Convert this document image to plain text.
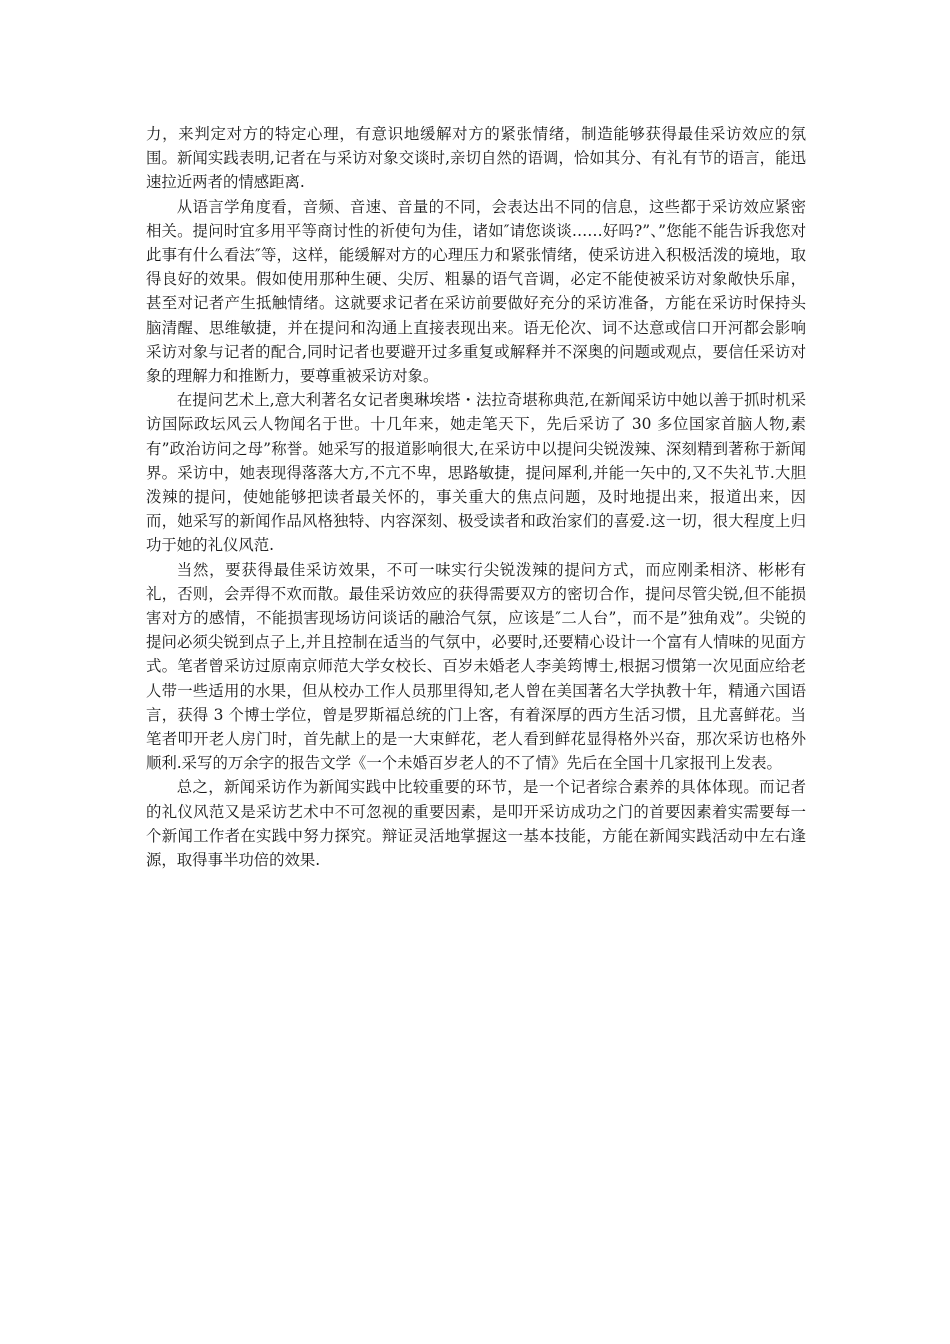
力，来判定对方的特定心理，有意识地缓解对方的紧张情绪，制造能够获得最佳采访效应的氛围。新闻实践表明,记者在与采访对象交谈时,亲切自然的语调，恰如其分、有礼有节的语言，能迅速拉近两者的情感距离.

从语言学角度看，音频、音速、音量的不同，会表达出不同的信息，这些都于采访效应紧密相关。提问时宜多用平等商讨性的祈使句为佳，诸如″请您谈谈……好吗?”、”您能不能告诉我您对此事有什么看法″等，这样，能缓解对方的心理压力和紧张情绪，使采访进入积极活泼的境地，取得良好的效果。假如使用那种生硬、尖厉、粗暴的语气音调，必定不能使被采访对象敞快乐扉，甚至对记者产生抵触情绪。这就要求记者在采访前要做好充分的采访准备，方能在采访时保持头脑清醒、思维敏捷，并在提问和沟通上直接表现出来。语无伦次、词不达意或信口开河都会影响采访对象与记者的配合,同时记者也要避开过多重复或解释并不深奥的问题或观点，要信任采访对象的理解力和推断力，要尊重被采访对象。

在提问艺术上,意大利著名女记者奥琳埃塔・法拉奇堪称典范,在新闻采访中她以善于抓时机采访国际政坛风云人物闻名于世。十几年来，她走笔天下，先后采访了 30 多位国家首脑人物,素有”政治访问之母”称誉。她采写的报道影响很大,在采访中以提问尖锐泼辣、深刻精到著称于新闻界。采访中，她表现得落落大方,不亢不卑，思路敏捷，提问犀利,并能一矢中的,又不失礼节.大胆泼辣的提问，使她能够把读者最关怀的，事关重大的焦点问题，及时地提出来，报道出来，因而，她采写的新闻作品风格独特、内容深刻、极受读者和政治家们的喜爱.这一切，很大程度上归功于她的礼仪风范.

当然，要获得最佳采访效果，不可一味实行尖锐泼辣的提问方式，而应刚柔相济、彬彬有礼，否则，会弄得不欢而散。最佳采访效应的获得需要双方的密切合作，提问尽管尖锐,但不能损害对方的感情，不能损害现场访问谈话的融洽气氛，应该是″二人台”，而不是”独角戏”。尖锐的提问必须尖锐到点子上,并且控制在适当的气氛中，必要时,还要精心设计一个富有人情味的见面方式。笔者曾采访过原南京师范大学女校长、百岁未婚老人李美筠博士,根据习惯第一次见面应给老人带一些适用的水果，但从校办工作人员那里得知,老人曾在美国著名大学执教十年，精通六国语言，获得 3 个博士学位，曾是罗斯福总统的门上客，有着深厚的西方生活习惯，且尤喜鲜花。当笔者叩开老人房门时，首先献上的是一大束鲜花，老人看到鲜花显得格外兴奋，那次采访也格外顺利.采写的万余字的报告文学《一个未婚百岁老人的不了情》先后在全国十几家报刊上发表。

总之，新闻采访作为新闻实践中比较重要的环节，是一个记者综合素养的具体体现。而记者的礼仪风范又是采访艺术中不可忽视的重要因素，是叩开采访成功之门的首要因素着实需要每一个新闻工作者在实践中努力探究。辩证灵活地掌握这一基本技能，方能在新闻实践活动中左右逢源，取得事半功倍的效果.
